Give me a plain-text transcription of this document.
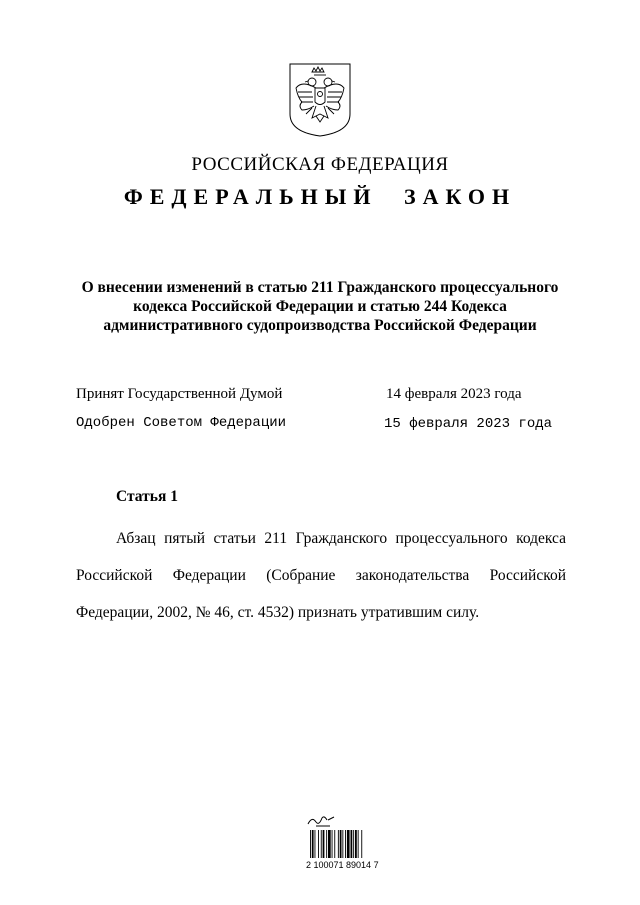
РОССИЙСКАЯ ФЕДЕРАЦИЯ
ФЕДЕРАЛЬНЫЙ ЗАКОН
О внесении изменений в статью 211 Гражданского процессуального
кодекса Российской Федерации и статью 244 Кодекса
административного судопроизводства Российской Федерации
Принят Государственной Думой	14 февраля 2023 года
Одобрен Советом Федерации	15 февраля 2023 года
Статья 1
Абзац пятый статьи 211 Гражданского процессуального кодекса
Российской Федерации (Собрание законодательства Российской
Федерации, 2002, № 46, ст. 4532) признать утратившим силу.
2 100071 89014 7
